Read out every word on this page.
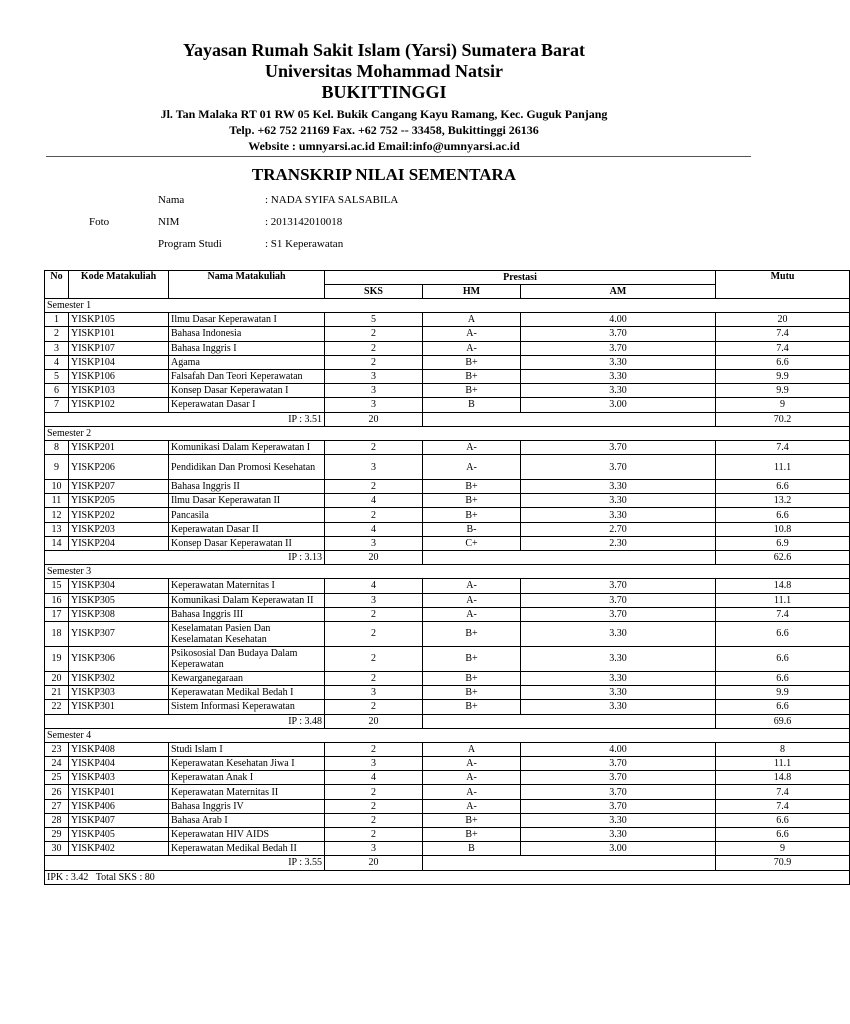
Yayasan Rumah Sakit Islam (Yarsi) Sumatera Barat
Universitas Mohammad Natsir
BUKITTINGGI
Jl. Tan Malaka RT 01 RW 05 Kel. Bukik Cangang Kayu Ramang, Kec. Guguk Panjang
Telp. +62 752 21169 Fax. +62 752 -- 33458, Bukittinggi 26136
Website : umnyarsi.ac.id Email:info@umnyarsi.ac.id
TRANSKRIP NILAI SEMENTARA
Nama	: NADA SYIFA SALSABILA
Foto	NIM	: 2013142010018
Program Studi	: S1 Keperawatan
No	Kode Matakuliah	Nama Matakuliah	Prestasi			Mutu
			SKS	HM	AM	
Semester 1						
1	YISKP105	Ilmu Dasar Keperawatan I	5	A	4.00	20
2	YISKP101	Bahasa Indonesia	2	A-	3.70	7.4
3	YISKP107	Bahasa Inggris I	2	A-	3.70	7.4
4	YISKP104	Agama	2	B+	3.30	6.6
5	YISKP106	Falsafah Dan Teori Keperawatan	3	B+	3.30	9.9
6	YISKP103	Konsep Dasar Keperawatan I	3	B+	3.30	9.9
7	YISKP102	Keperawatan Dasar I	3	B	3.00	9
IP : 3.51			20			70.2
Semester 2						
8	YISKP201	Komunikasi Dalam Keperawatan I	2	A-	3.70	7.4
9	YISKP206	Pendidikan Dan Promosi Kesehatan	3	A-	3.70	11.1
10	YISKP207	Bahasa Inggris II	2	B+	3.30	6.6
11	YISKP205	Ilmu Dasar Keperawatan II	4	B+	3.30	13.2
12	YISKP202	Pancasila	2	B+	3.30	6.6
13	YISKP203	Keperawatan Dasar II	4	B-	2.70	10.8
14	YISKP204	Konsep Dasar Keperawatan II	3	C+	2.30	6.9
IP : 3.13			20			62.6
Semester 3						
15	YISKP304	Keperawatan Maternitas I	4	A-	3.70	14.8
16	YISKP305	Komunikasi Dalam Keperawatan II	3	A-	3.70	11.1
17	YISKP308	Bahasa Inggris III	2	A-	3.70	7.4
18	YISKP307	Keselamatan Pasien Dan Keselamatan Kesehatan	2	B+	3.30	6.6
19	YISKP306	Psikososial Dan Budaya Dalam Keperawatan	2	B+	3.30	6.6
20	YISKP302	Kewarganegaraan	2	B+	3.30	6.6
21	YISKP303	Keperawatan Medikal Bedah I	3	B+	3.30	9.9
22	YISKP301	Sistem Informasi Keperawatan	2	B+	3.30	6.6
IP : 3.48			20			69.6
Semester 4						
23	YISKP408	Studi Islam I	2	A	4.00	8
24	YISKP404	Keperawatan Kesehatan Jiwa I	3	A-	3.70	11.1
25	YISKP403	Keperawatan Anak I	4	A-	3.70	14.8
26	YISKP401	Keperawatan Maternitas II	2	A-	3.70	7.4
27	YISKP406	Bahasa Inggris IV	2	A-	3.70	7.4
28	YISKP407	Bahasa Arab I	2	B+	3.30	6.6
29	YISKP405	Keperawatan HIV AIDS	2	B+	3.30	6.6
30	YISKP402	Keperawatan Medikal Bedah II	3	B	3.00	9
IP : 3.55			20			70.9
IPK : 3.42   Total SKS : 80						
